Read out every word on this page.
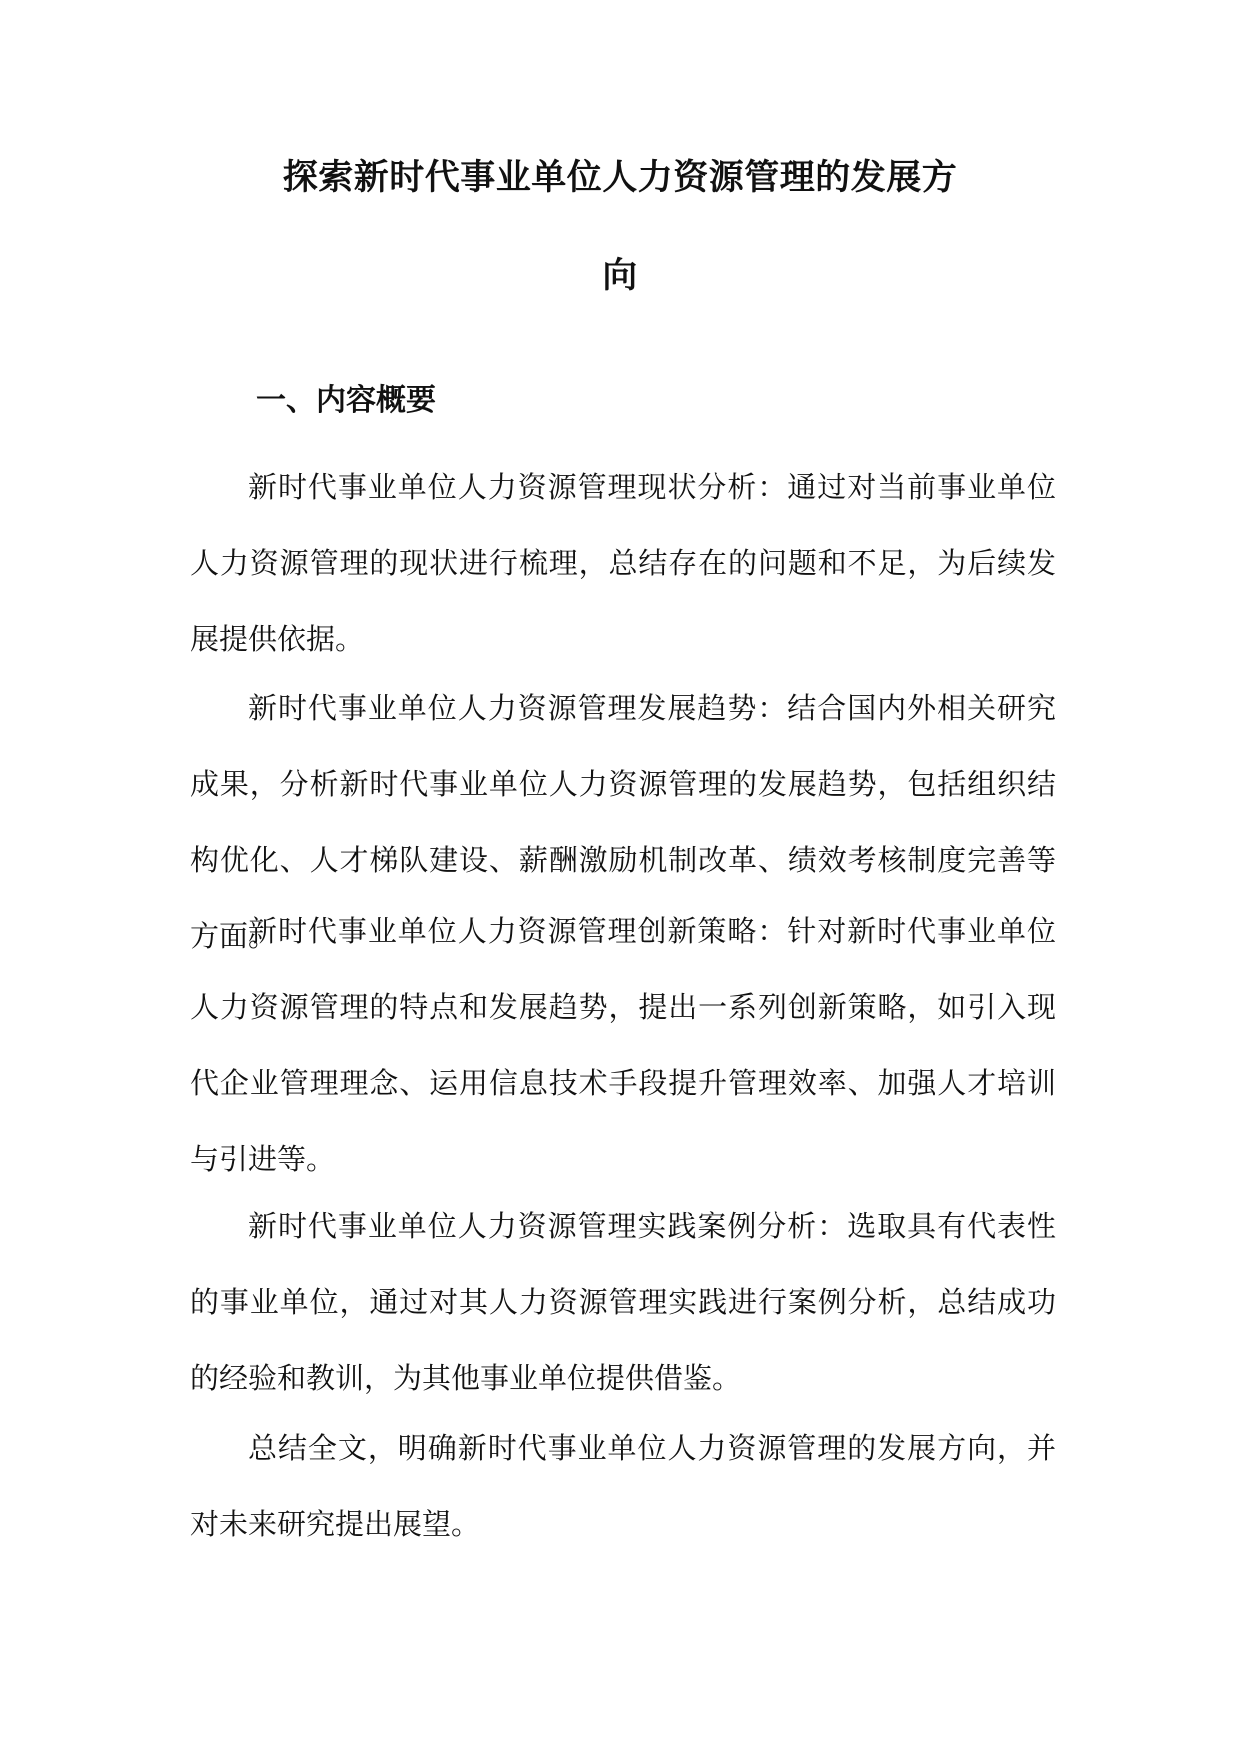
探索新时代事业单位人力资源管理的发展方
向
一、内容概要

新时代事业单位人力资源管理现状分析：通过对当前事业单位人力资源管理的现状进行梳理，总结存在的问题和不足，为后续发展提供依据。

新时代事业单位人力资源管理发展趋势：结合国内外相关研究成果，分析新时代事业单位人力资源管理的发展趋势，包括组织结构优化、人才梯队建设、薪酬激励机制改革、绩效考核制度完善等方面。

新时代事业单位人力资源管理创新策略：针对新时代事业单位人力资源管理的特点和发展趋势，提出一系列创新策略，如引入现代企业管理理念、运用信息技术手段提升管理效率、加强人才培训与引进等。

新时代事业单位人力资源管理实践案例分析：选取具有代表性的事业单位，通过对其人力资源管理实践进行案例分析，总结成功的经验和教训，为其他事业单位提供借鉴。

总结全文，明确新时代事业单位人力资源管理的发展方向，并对未来研究提出展望。
